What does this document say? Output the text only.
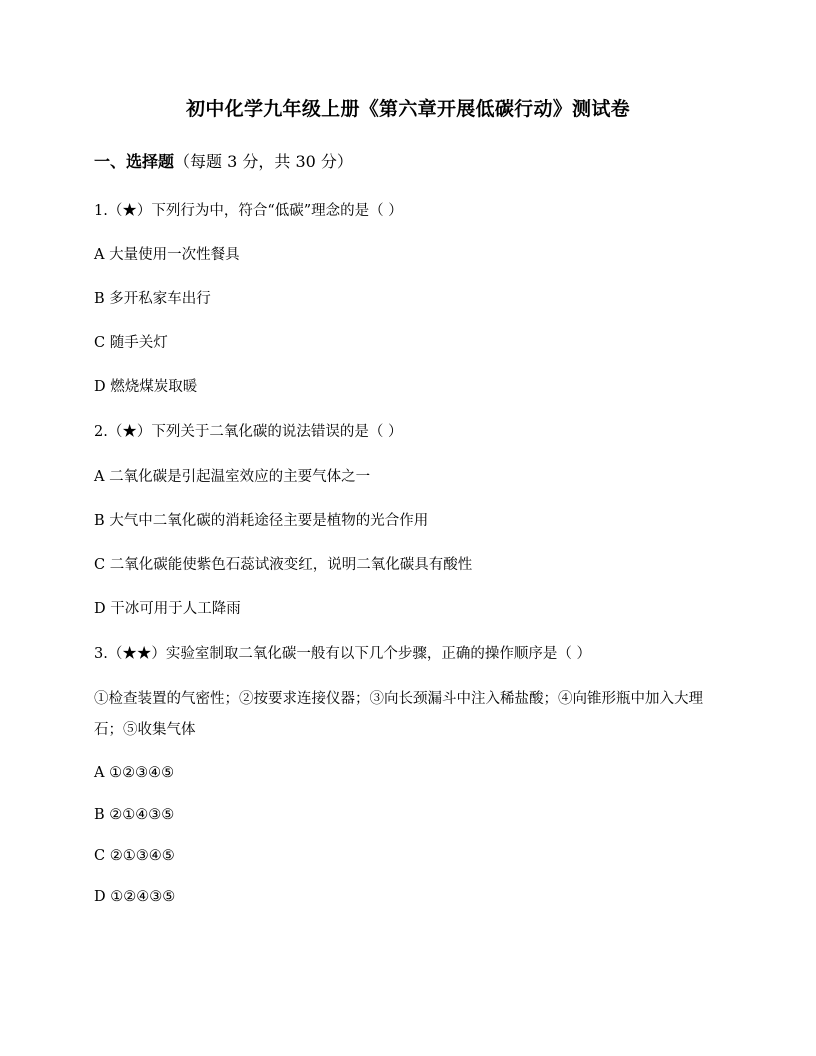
初中化学九年级上册《第六章开展低碳行动》测试卷
一、选择题（每题 3 分，共 30 分）
1.（★）下列行为中，符合“低碳”理念的是（ ）
A 大量使用一次性餐具
B 多开私家车出行
C 随手关灯
D 燃烧煤炭取暖
2.（★）下列关于二氧化碳的说法错误的是（ ）
A 二氧化碳是引起温室效应的主要气体之一
B 大气中二氧化碳的消耗途径主要是植物的光合作用
C 二氧化碳能使紫色石蕊试液变红，说明二氧化碳具有酸性
D 干冰可用于人工降雨
3.（★★）实验室制取二氧化碳一般有以下几个步骤，正确的操作顺序是（ ）
①检查装置的气密性；②按要求连接仪器；③向长颈漏斗中注入稀盐酸；④向锥形瓶中加入大理石；⑤收集气体
A ①②③④⑤
B ②①④③⑤
C ②①③④⑤
D ①②④③⑤
